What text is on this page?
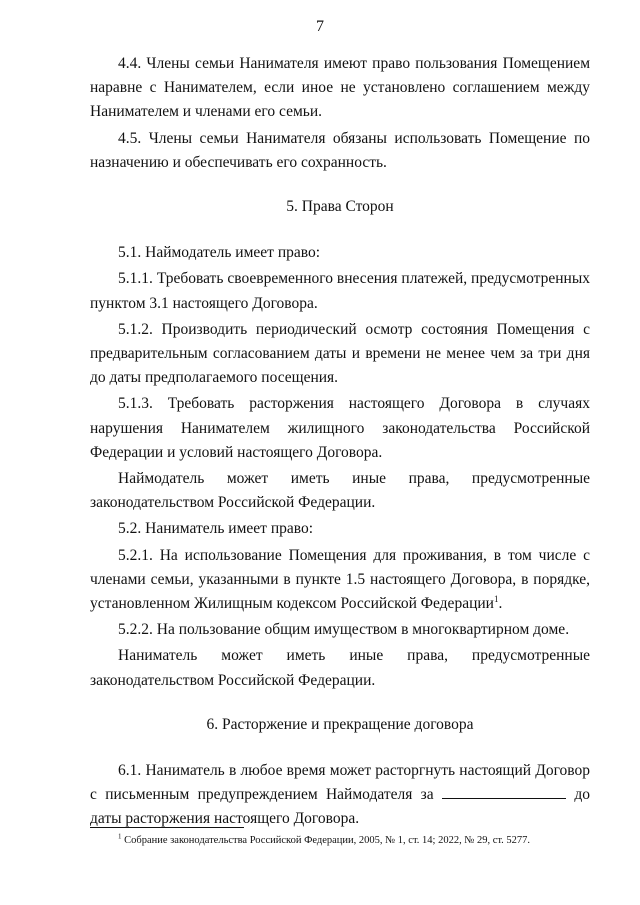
7

4.4. Члены семьи Нанимателя имеют право пользования Помещением наравне с Нанимателем, если иное не установлено соглашением между Нанимателем и членами его семьи.

4.5. Члены семьи Нанимателя обязаны использовать Помещение по назначению и обеспечивать его сохранность.

5. Права Сторон

5.1. Наймодатель имеет право:

5.1.1. Требовать своевременного внесения платежей, предусмотренных пунктом 3.1 настоящего Договора.

5.1.2. Производить периодический осмотр состояния Помещения с предварительным согласованием даты и времени не менее чем за три дня до даты предполагаемого посещения.

5.1.3. Требовать расторжения настоящего Договора в случаях нарушения Нанимателем жилищного законодательства Российской Федерации и условий настоящего Договора.

Наймодатель может иметь иные права, предусмотренные законодательством Российской Федерации.

5.2. Наниматель имеет право:

5.2.1. На использование Помещения для проживания, в том числе с членами семьи, указанными в пункте 1.5 настоящего Договора, в порядке, установленном Жилищным кодексом Российской Федерации$^1$.

5.2.2. На пользование общим имуществом в многоквартирном доме.

Наниматель может иметь иные права, предусмотренные законодательством Российской Федерации.

6. Расторжение и прекращение договора

6.1. Наниматель в любое время может расторгнуть настоящий Договор с письменным предупреждением Наймодателя за	до даты расторжения настоящего Договора.

$^1$ Собрание законодательства Российской Федерации, 2005, № 1, ст. 14; 2022, № 29, ст. 5277.
